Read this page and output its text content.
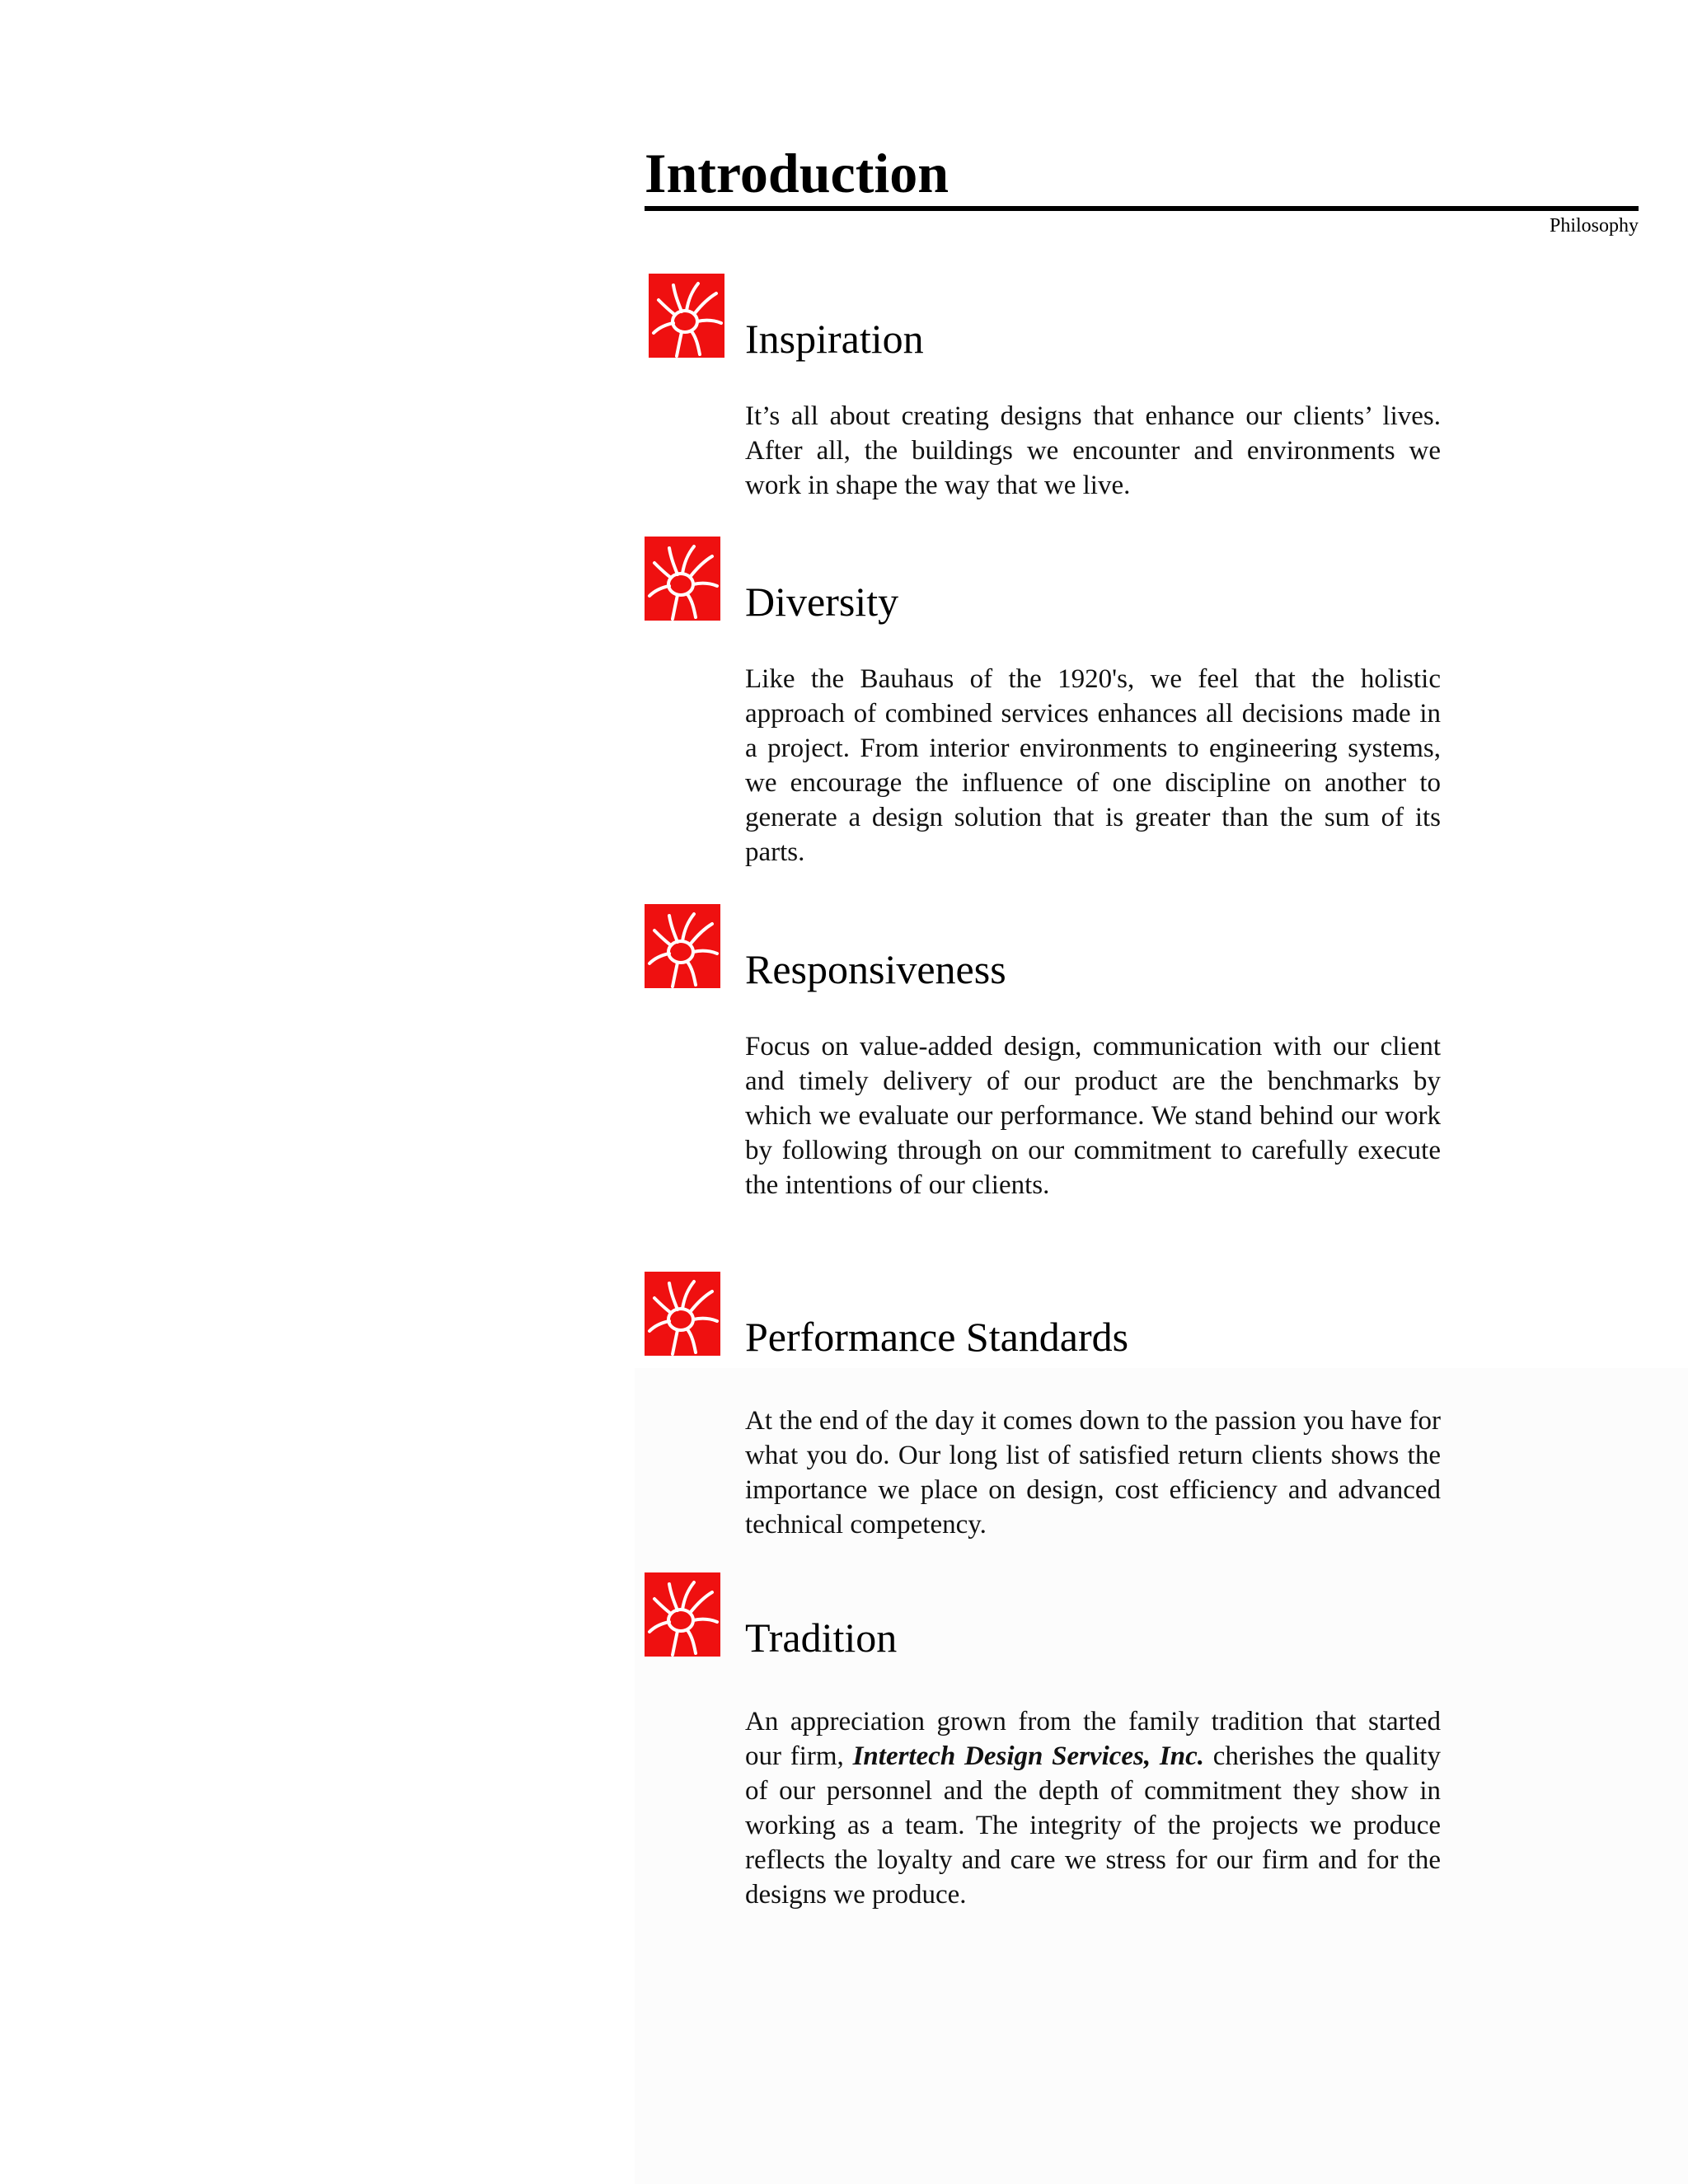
Introduction

Philosophy

Inspiration

It’s all about creating designs that enhance our clients’ lives. After all, the buildings we encounter and environments we work in shape the way that we live.

Diversity

Like the Bauhaus of the 1920's, we feel that the holistic approach of combined services enhances all decisions made in a project. From interior environments to engineering systems, we encourage the influence of one discipline on another to generate a design solution that is greater than the sum of its parts.

Responsiveness

Focus on value-added design, communication with our client and timely delivery of our product are the benchmarks by which we evaluate our performance. We stand behind our work by following through on our commitment to carefully execute the intentions of our clients.

Performance Standards

At the end of the day it comes down to the passion you have for what you do. Our long list of satisfied return clients shows the importance we place on design, cost efficiency and advanced technical competency.

Tradition

An appreciation grown from the family tradition that started our firm, Intertech Design Services, Inc. cherishes the quality of our personnel and the depth of commitment they show in working as a team. The integrity of the projects we produce reflects the loyalty and care we stress for our firm and for the designs we produce.
